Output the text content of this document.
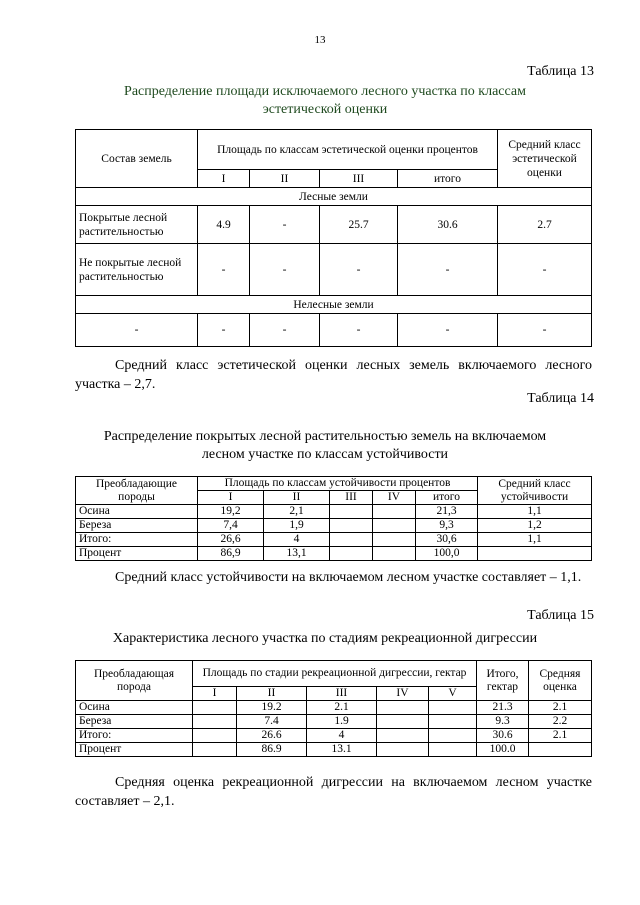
13
Таблица 13
Распределение площади исключаемого лесного участка по классам
эстетической оценки
Состав земель	Площадь по классам эстетической оценки процентов				Средний класс эстетической оценки
	I	II	III	итого	
Лесные земли					
Покрытые лесной растительностью	4.9	-	25.7	30.6	2.7
Не покрытые лесной растительностью	-	-	-	-	-
Нелесные земли					
-	-	-	-	-	-
Средний класс эстетической оценки лесных земель включаемого лесного участка – 2,7.
Таблица 14
Распределение покрытых лесной растительностью земель на включаемом
лесном участке по классам устойчивости
Преобладающие породы	Площадь по классам устойчивости процентов					Средний класс устойчивости
	I	II	III	IV	итого	
Осина	19,2	2,1			21,3	1,1
Береза	7,4	1,9			9,3	1,2
Итого:	26,6	4			30,6	1,1
Процент	86,9	13,1			100,0	
Средний класс устойчивости на включаемом лесном участке составляет – 1,1.
Таблица 15
Характеристика лесного участка по стадиям рекреационной дигрессии
Преобладающая порода	Площадь по стадии рекреационной дигрессии, гектар					Итого, гектар	Средняя оценка
	I	II	III	IV	V		
Осина		19.2	2.1			21.3	2.1
Береза		7.4	1.9			9.3	2.2
Итого:		26.6	4			30.6	2.1
Процент		86.9	13.1			100.0	
Средняя оценка рекреационной дигрессии на включаемом лесном участке составляет – 2,1.
